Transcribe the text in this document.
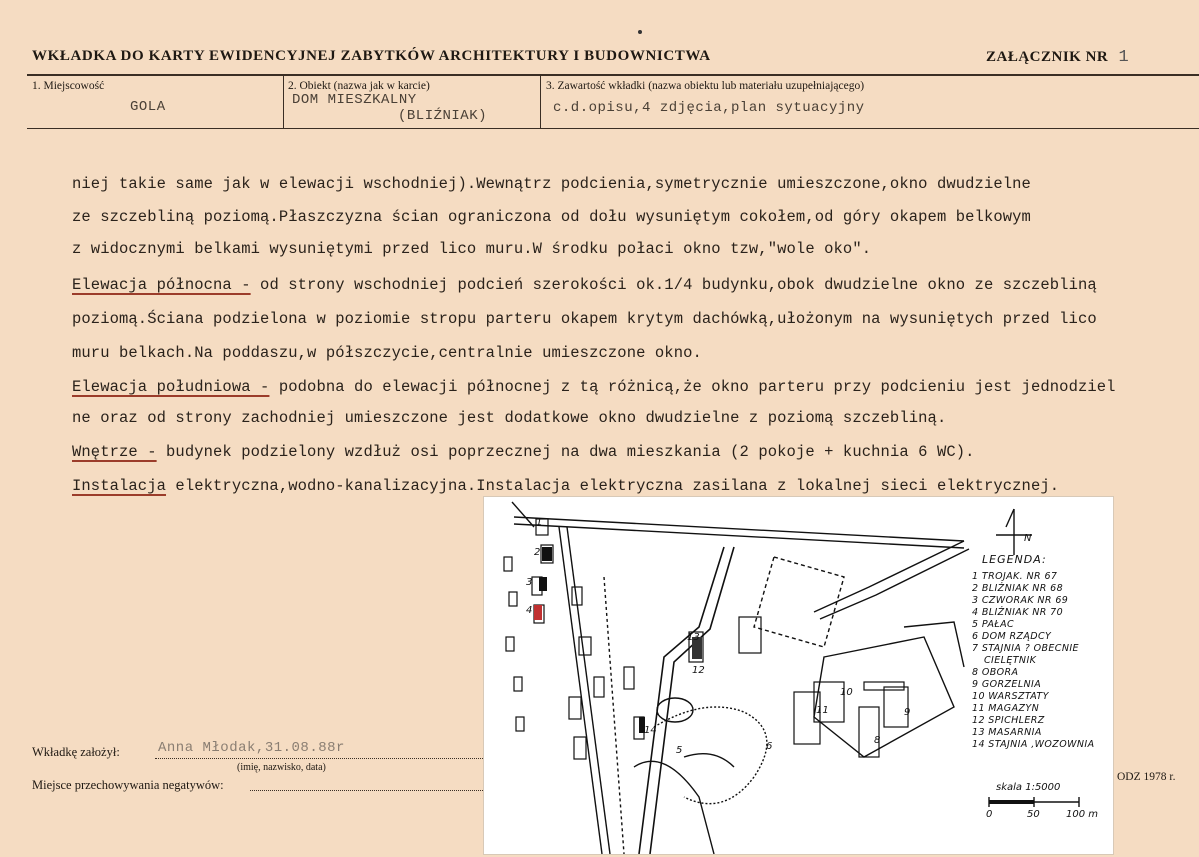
WKŁADKA DO KARTY EWIDENCYJNEJ ZABYTKÓW ARCHITEKTURY I BUDOWNICTWA	ZAŁĄCZNIK NR 1
1. Miejscowość
GOLA
2. Obiekt (nazwa jak w karcie)
DOM MIESZKALNY
(BLIŹNIAK)
3. Zawartość wkładki (nazwa obiektu lub materiału uzupełniającego)
c.d.opisu,4 zdjęcia,plan sytuacyjny
niej takie same jak w elewacji wschodniej).Wewnątrz podcienia,symetrycznie umieszczone,okno dwudzielne
ze szczebliną poziomą.Płaszczyzna ścian ograniczona od dołu wysuniętym cokołem,od góry okapem belkowym
z widocznymi belkami wysuniętymi przed lico muru.W środku połaci okno tzw,"wole oko".
Elewacja północna - od strony wschodniej podcień szerokości ok.1/4 budynku,obok dwudzielne okno ze szczebliną
poziomą.Ściana podzielona w poziomie stropu parteru okapem krytym dachówką,ułożonym na wysuniętych przed lico
muru belkach.Na poddaszu,w półszczycie,centralnie umieszczone okno.
Elewacja południowa - podobna do elewacji północnej z tą różnicą,że okno parteru przy podcieniu jest jednodziel
ne oraz od strony zachodniej umieszczone jest dodatkowe okno dwudzielne z poziomą szczebliną.
Wnętrze - budynek podzielony wzdłuż osi poprzecznej na dwa mieszkania (2 pokoje + kuchnia 6 WC).
Instalacja elektryczna,wodno-kanalizacyjna.Instalacja elektryczna zasilana z lokalnej sieci elektrycznej.
Wkładkę założył:	Anna Młodak,31.08.88r
(imię, nazwisko, data)
Miejsce przechowywania negatywów:
ODZ 1978 r.
N
LEGENDA:
1 TROJAK. NR 67
2 BLIŹNIAK NR 68
3 CZWORAK NR 69
4 BLIŹNIAK NR 70
5 PAŁAC
6 DOM RZĄDCY
7 STAJNIA ? OBECNIE
CIELĘTNIK
8 OBORA
9 GORZELNIA
10 WARSZTATY
11 MAGAZYN
12 SPICHLERZ
13 MASARNIA
14 STAJNIA ,WOZOWNIA
skala 1:5000
0	50	100 m
1
2
3
4
5	6
8
9
10
11
12
13
14
